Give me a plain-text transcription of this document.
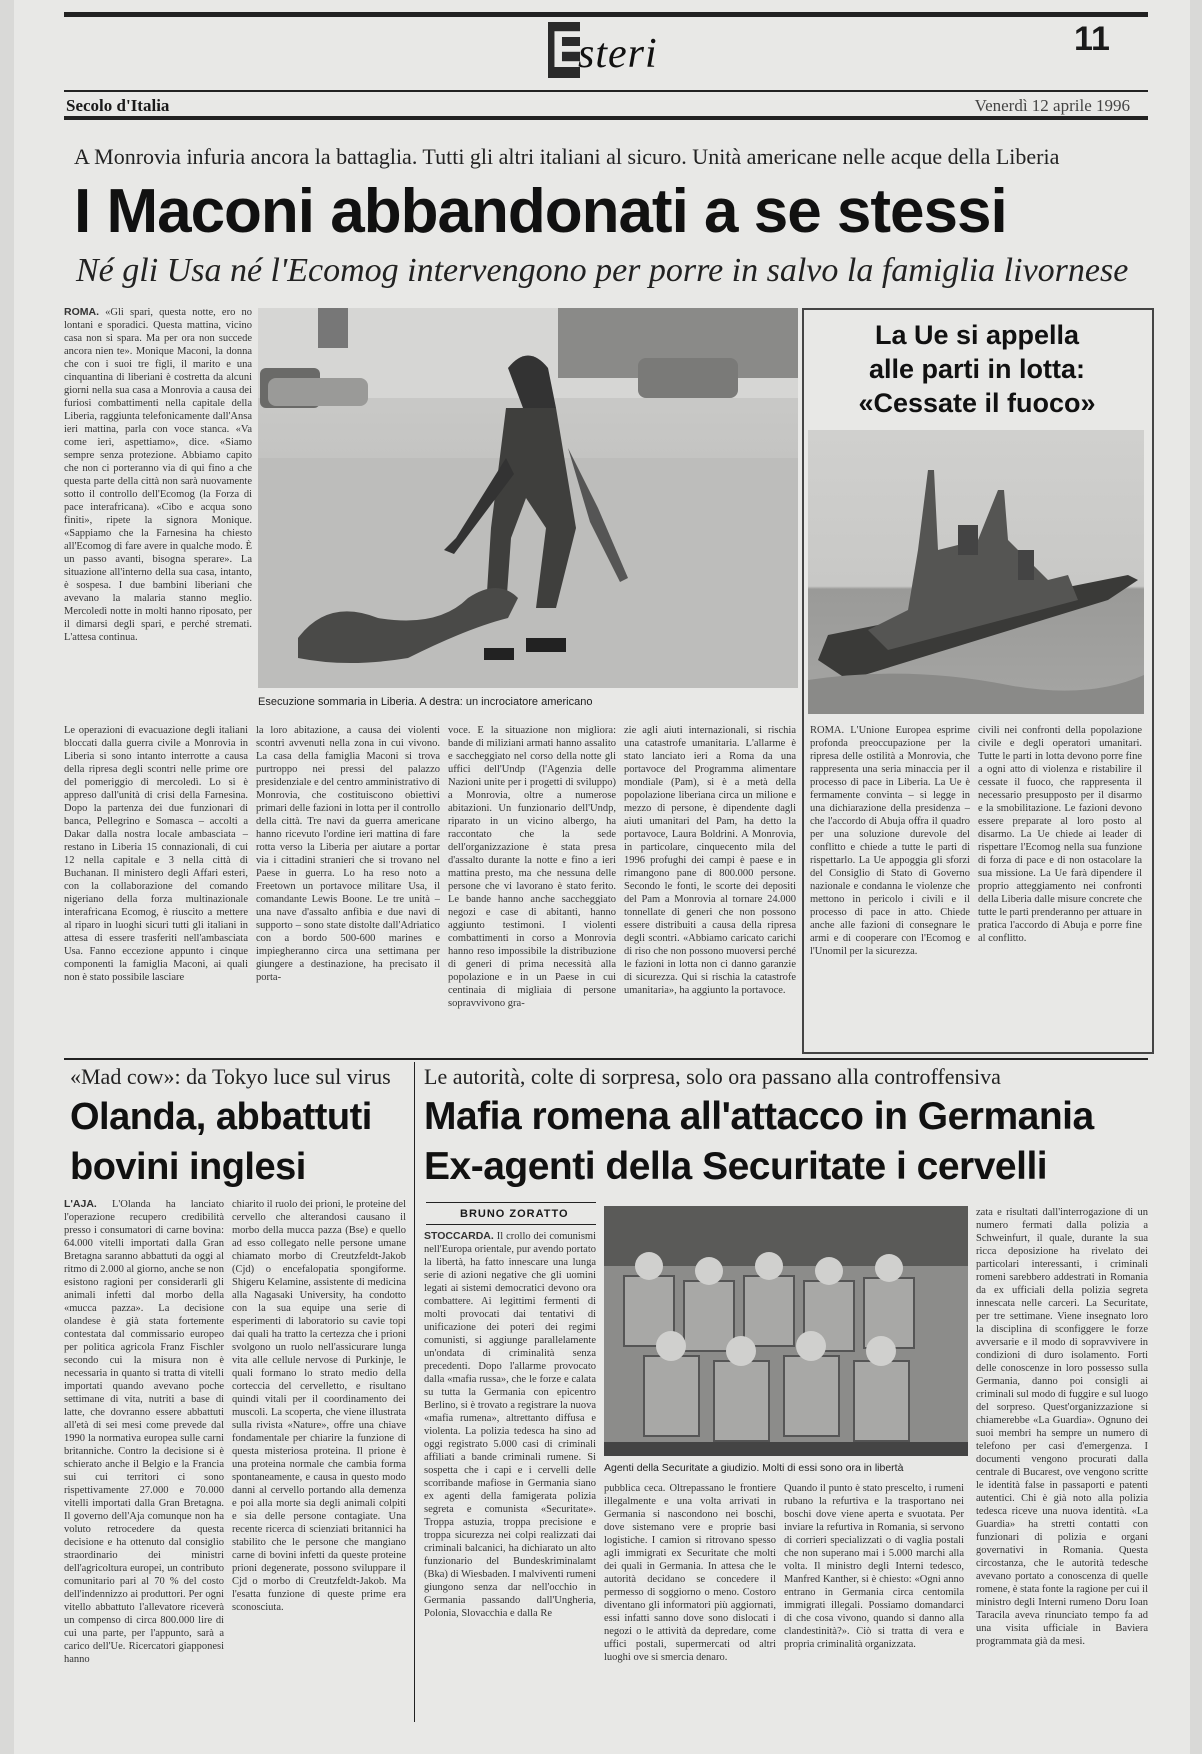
E
steri	11
Secolo d'Italia	Venerdì 12 aprile 1996
A Monrovia infuria ancora la battaglia. Tutti gli altri italiani al sicuro. Unità americane nelle acque della Liberia
I Maconi abbandonati a se stessi
Né gli Usa né l'Ecomog intervengono per porre in salvo la famiglia livornese
ROMA. «Gli spari, questa notte, ero no lontani e sporadici. Questa mattina, vicino casa non si spara. Ma per ora non succede ancora nien te». Monique Maconi, la donna che con i suoi tre figli, il marito e una cinquantina di liberiani è costretta da alcuni giorni nella sua casa a Monrovia a causa dei furiosi combattimenti nella capitale della Liberia, raggiunta telefonicamente dall'Ansa ieri mattina, parla con voce stanca. «Va come ieri, aspettiamo», dice. «Siamo sempre senza protezione. Abbiamo capito che non ci porteranno via di qui fino a che questa parte della città non sarà nuovamente sotto il controllo dell'Ecomog (la Forza di pace interafricana). «Cibo e acqua sono finiti», ripete la signora Monique. «Sappiamo che la Farnesina ha chiesto all'Ecomog di fare avere in qualche modo. È un passo avanti, bisogna sperare». La situazione all'interno della sua casa, intanto, è sospesa. I due bambini liberiani che avevano la malaria stanno meglio. Mercoledì notte in molti hanno riposato, per il dimarsi degli spari, e perché stremati. L'attesa continua.
Esecuzione sommaria in Liberia. A destra: un incrociatore americano
La Ue si appella
alle parti in lotta:
«Cessate il fuoco»
Le operazioni di evacuazione degli italiani bloccati dalla guerra civile a Monrovia in Liberia si sono intanto interrotte a causa della ripresa degli scontri nelle prime ore del pomeriggio di mercoledì. Lo si è appreso dall'unità di crisi della Farnesina. Dopo la partenza dei due funzionari di banca, Pellegrino e Somasca – accolti a Dakar dalla nostra locale ambasciata – restano in Liberia 15 connazionali, di cui 12 nella capitale e 3 nella città di Buchanan. Il ministero degli Affari esteri, con la collaborazione del comando nigeriano della forza multinazionale interafricana Ecomog, è riuscito a mettere al riparo in luoghi sicuri tutti gli italiani in attesa di essere trasferiti nell'ambasciata Usa. Fanno eccezione appunto i cinque componenti la famiglia Maconi, ai quali non è stato possibile lasciare
la loro abitazione, a causa dei violenti scontri avvenuti nella zona in cui vivono. La casa della famiglia Maconi si trova purtroppo nei pressi del palazzo presidenziale e del centro amministrativo di Monrovia, che costituiscono obiettivi primari delle fazioni in lotta per il controllo della città. Tre navi da guerra americane hanno ricevuto l'ordine ieri mattina di fare rotta verso la Liberia per aiutare a portar via i cittadini stranieri che si trovano nel Paese in guerra. Lo ha reso noto a Freetown un portavoce militare Usa, il comandante Lewis Boone. Le tre unità – una nave d'assalto anfibia e due navi di supporto – sono state distolte dall'Adriatico con a bordo 500-600 marines e impiegheranno circa una settimana per giungere a destinazione, ha precisato il porta-
voce. E la situazione non migliora: bande di miliziani armati hanno assalito e saccheggiato nel corso della notte gli uffici dell'Undp (l'Agenzia delle Nazioni unite per i progetti di sviluppo) a Monrovia, oltre a numerose abitazioni. Un funzionario dell'Undp, riparato in un vicino albergo, ha raccontato che la sede dell'organizzazione è stata presa d'assalto durante la notte e fino a ieri mattina presto, ma che nessuna delle persone che vi lavorano è stato ferito. Le bande hanno anche saccheggiato negozi e case di abitanti, hanno aggiunto testimoni. I violenti combattimenti in corso a Monrovia hanno reso impossibile la distribuzione di generi di prima necessità alla popolazione e in un Paese in cui centinaia di migliaia di persone sopravvivono gra-
zie agli aiuti internazionali, si rischia una catastrofe umanitaria. L'allarme è stato lanciato ieri a Roma da una portavoce del Programma alimentare mondiale (Pam), si è a metà della popolazione liberiana circa un milione e mezzo di persone, è dipendente dagli aiuti umanitari del Pam, ha detto la portavoce, Laura Boldrini. A Monrovia, in particolare, cinquecento mila del 1996 profughi dei campi è paese e in rimangono pane di 800.000 persone. Secondo le fonti, le scorte dei depositi del Pam a Monrovia al tornare 24.000 tonnellate di generi che non possono essere distribuiti a causa della ripresa degli scontri. «Abbiamo caricato carichi di riso che non possono muoversi perché le fazioni in lotta non ci danno garanzie di sicurezza. Qui si rischia la catastrofe umanitaria», ha aggiunto la portavoce.
ROMA. L'Unione Europea esprime profonda preoccupazione per la ripresa delle ostilità a Monrovia, che rappresenta una seria minaccia per il processo di pace in Liberia. La Ue è fermamente convinta – si legge in una dichiarazione della presidenza – che l'accordo di Abuja offra il quadro per una soluzione durevole del conflitto e chiede a tutte le parti di rispettarlo. La Ue appoggia gli sforzi del Consiglio di Stato di Governo nazionale e condanna le violenze che mettono in pericolo i civili e il processo di pace in atto. Chiede anche alle fazioni di consegnare le armi e di cooperare con l'Ecomog e l'Unomil per la sicurezza.
civili nei confronti della popolazione civile e degli operatori umanitari. Tutte le parti in lotta devono porre fine a ogni atto di violenza e ristabilire il cessate il fuoco, che rappresenta il necessario presupposto per il disarmo e la smobilitazione. Le fazioni devono essere preparate al loro posto al disarmo. La Ue chiede ai leader di rispettare l'Ecomog nella sua funzione di forza di pace e di non ostacolare la sua missione. La Ue farà dipendere il proprio atteggiamento nei confronti della Liberia dalle misure concrete che tutte le parti prenderanno per attuare in pratica l'accordo di Abuja e porre fine al conflitto.
«Mad cow»: da Tokyo luce sul virus
Olanda, abbattuti
bovini inglesi
L'AJA. L'Olanda ha lanciato l'operazione recupero credibilità presso i consumatori di carne bovina: 64.000 vitelli importati dalla Gran Bretagna saranno abbattuti da oggi al ritmo di 2.000 al giorno, anche se non esistono ragioni per considerarli gli animali infetti dal morbo della «mucca pazza». La decisione olandese è già stata fortemente contestata dal commissario europeo per politica agricola Franz Fischler secondo cui la misura non è necessaria in quanto si tratta di vitelli importati quando avevano poche settimane di vita, nutriti a base di latte, che dovranno essere abbattuti all'età di sei mesi come prevede dal 1990 la normativa europea sulle carni britanniche. Contro la decisione si è schierato anche il Belgio e la Francia sui cui territori ci sono rispettivamente 27.000 e 70.000 vitelli importati dalla Gran Bretagna. Il governo dell'Aja comunque non ha voluto retrocedere da questa decisione e ha ottenuto dal consiglio straordinario dei ministri dell'agricoltura europei, un contributo comunitario pari al 70 % del costo dell'indennizzo ai produttori. Per ogni vitello abbattuto l'allevatore riceverà un compenso di circa 800.000 lire di cui una parte, per l'appunto, sarà a carico dell'Ue. Ricercatori giapponesi hanno
chiarito il ruolo dei prioni, le proteine del cervello che alterandosi causano il morbo della mucca pazza (Bse) e quello ad esso collegato nelle persone umane chiamato morbo di Creutzfeldt-Jakob (Cjd) o encefalopatia spongiforme. Shigeru Kelamine, assistente di medicina alla Nagasaki University, ha condotto con la sua equipe una serie di esperimenti di laboratorio su cavie topi dai quali ha tratto la certezza che i prioni svolgono un ruolo nell'assicurare lunga vita alle cellule nervose di Purkinje, le quali formano lo strato medio della corteccia del cervelletto, e risultano quindi vitali per il coordinamento dei muscoli. La scoperta, che viene illustrata sulla rivista «Nature», offre una chiave fondamentale per chiarire la funzione di questa misteriosa proteina. Il prione è una proteina normale che cambia forma spontaneamente, e causa in questo modo danni al cervello portando alla demenza e poi alla morte sia degli animali colpiti e sia delle persone contagiate. Una recente ricerca di scienziati britannici ha stabilito che le persone che mangiano carne di bovini infetti da queste proteine prioni degenerate, possono sviluppare il Cjd o morbo di Creutzfeldt-Jakob. Ma l'esatta funzione di queste prime era sconosciuta.
Le autorità, colte di sorpresa, solo ora passano alla controffensiva
Mafia romena all'attacco in Germania
Ex-agenti della Securitate i cervelli
BRUNO ZORATTO
STOCCARDA. Il crollo dei comunismi nell'Europa orientale, pur avendo portato la libertà, ha fatto innescare una lunga serie di azioni negative che gli uomini legati ai sistemi democratici devono ora combattere. Ai legittimi fermenti di molti provocati dai tentativi di unificazione dei poteri dei regimi comunisti, si aggiunge parallelamente un'ondata di criminalità senza precedenti. Dopo l'allarme provocato dalla «mafia russa», che le forze e calata su tutta la Germania con epicentro Berlino, si è trovato a registrare la nuova «mafia rumena», altrettanto diffusa e violenta. La polizia tedesca ha sino ad oggi registrato 5.000 casi di criminali affiliati a bande criminali rumene. Si sospetta che i capi e i cervelli delle scorribande mafiose in Germania siano ex agenti della famigerata polizia segreta e comunista «Securitate». Troppa astuzia, troppa precisione e troppa sicurezza nei colpi realizzati dai criminali balcanici, ha dichiarato un alto funzionario del Bundeskriminalamt (Bka) di Wiesbaden. I malviventi rumeni giungono senza dar nell'occhio in Germania passando dall'Ungheria, Polonia, Slovacchia e dalla Re
Agenti della Securitate a giudizio. Molti di essi sono ora in libertà
pubblica ceca. Oltrepassano le frontiere illegalmente e una volta arrivati in Germania si nascondono nei boschi, dove sistemano vere e proprie basi logistiche. I camion si ritrovano spesso agli immigrati ex Securitate che molti dei quali in Germania. In attesa che le autorità decidano se concedere il permesso di soggiorno o meno. Costoro diventano gli informatori più aggiornati, essi infatti sanno dove sono dislocati i negozi o le attività da depredare, come uffici postali, supermercati od altri luoghi ove si smercia denaro.
Quando il punto è stato prescelto, i rumeni rubano la refurtiva e la trasportano nei boschi dove viene aperta e svuotata. Per inviare la refurtiva in Romania, si servono di corrieri specializzati o di vaglia postali che non superano mai i 5.000 marchi alla volta. Il ministro degli Interni tedesco, Manfred Kanther, si è chiesto: «Ogni anno entrano in Germania circa centomila immigrati illegali. Possiamo domandarci di che cosa vivono, quando si danno alla clandestinità?». Ciò si tratta di vera e propria criminalità organizzata.
zata e risultati dall'interrogazione di un numero fermati dalla polizia a Schweinfurt, il quale, durante la sua ricca deposizione ha rivelato dei particolari interessanti, i criminali romeni sarebbero addestrati in Romania da ex ufficiali della polizia segreta innescata nelle carceri. La Securitate, per tre settimane. Viene insegnato loro la disciplina di sconfiggere le forze avversarie e il modo di sopravvivere in condizioni di duro isolamento. Forti delle conoscenze in loro possesso sulla Germania, danno poi consigli ai criminali sul modo di fuggire e sul luogo del sorpreso. Quest'organizzazione si chiamerebbe «La Guardia». Ognuno dei suoi membri ha sempre un numero di telefono per casi d'emergenza. I documenti vengono procurati dalla centrale di Bucarest, ove vengono scritte le identità false in passaporti e patenti autentici. Chi è già noto alla polizia tedesca riceve una nuova identità. «La Guardia» ha stretti contatti con funzionari di polizia e organi governativi in Romania. Questa circostanza, che le autorità tedesche avevano portato a conoscenza di quelle romene, è stata fonte la ragione per cui il ministro degli Interni rumeno Doru Ioan Taracila aveva rinunciato tempo fa ad una visita ufficiale in Baviera programmata già da mesi.
